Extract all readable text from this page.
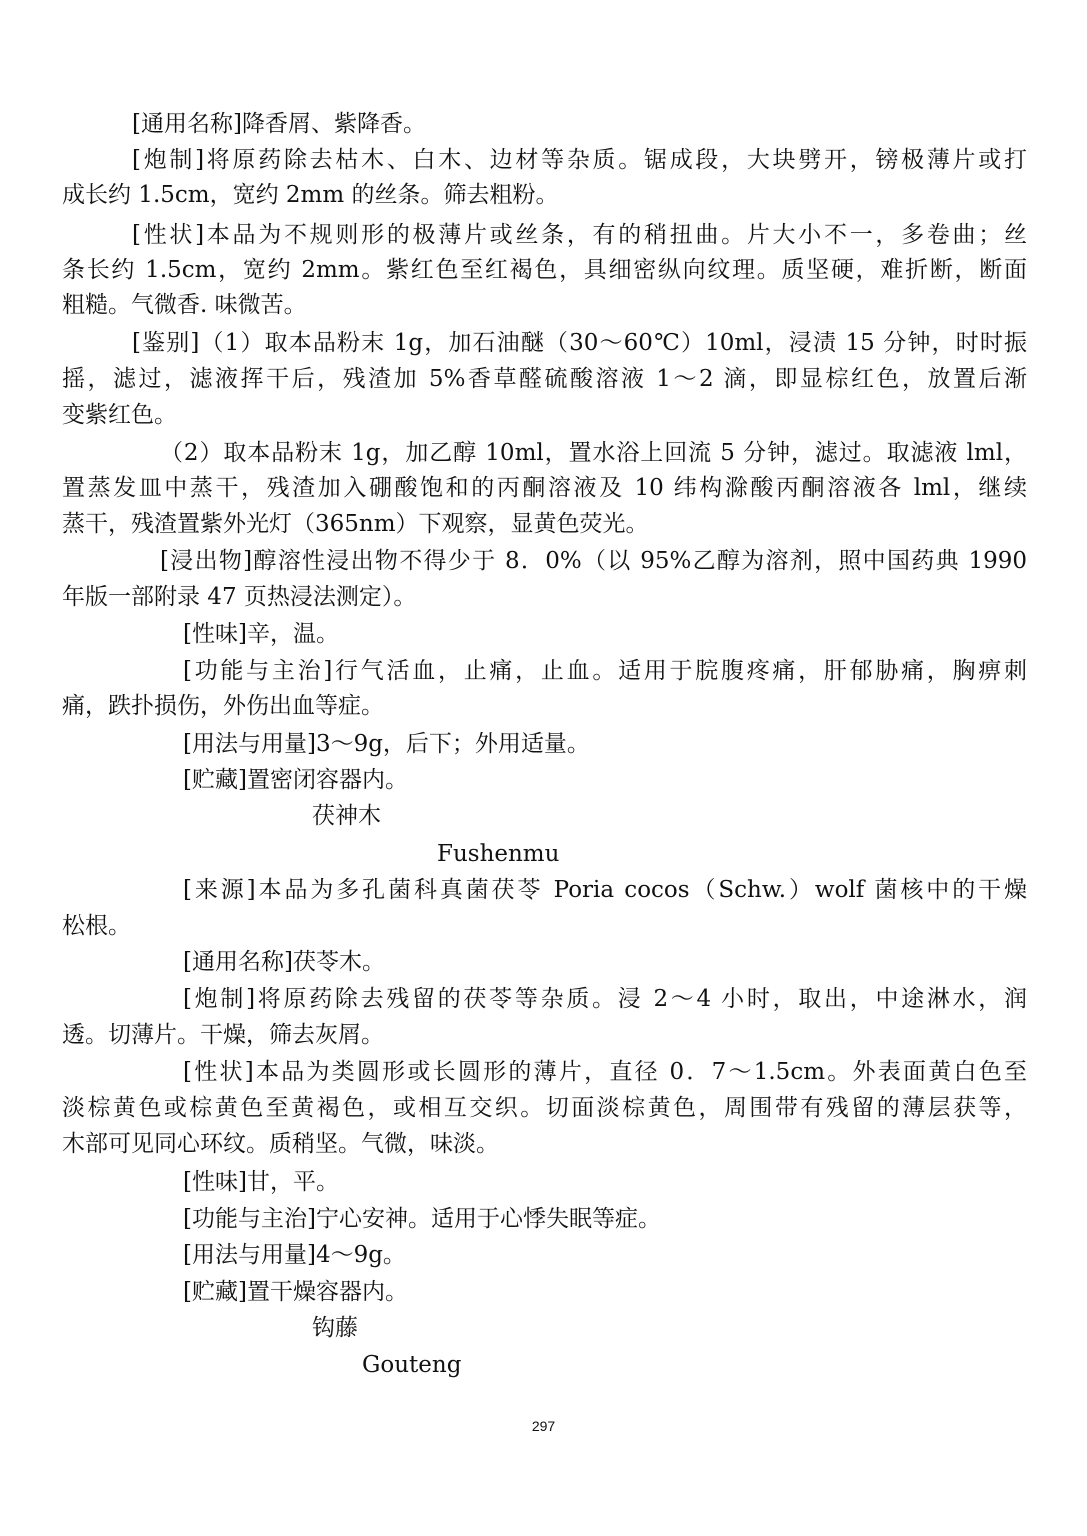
[通用名称]降香屑、紫降香。
[炮制]将原药除去枯木、白木、边材等杂质。锯成段，大块劈开，镑极薄片或打
成长约 1.5cm，宽约 2mm 的丝条。筛去粗粉。
[性状]本品为不规则形的极薄片或丝条，有的稍扭曲。片大小不一，多卷曲；丝
条长约 1.5cm，宽约 2mm。紫红色至红褐色，具细密纵向纹理。质坚硬，难折断，断面
粗糙。气微香. 味微苦。
[鉴别]（1）取本品粉末 1g，加石油醚（30～60℃）10ml，浸渍 15 分钟，时时振
摇，滤过，滤液挥干后，残渣加 5%香草醛硫酸溶液 1～2 滴，即显棕红色，放置后渐
变紫红色。
（2）取本品粉末 1g，加乙醇 10ml，置水浴上回流 5 分钟，滤过。取滤液 lml，
置蒸发皿中蒸干，残渣加入硼酸饱和的丙酮溶液及 10 纬构滁酸丙酮溶液各 lml，继续
蒸干，残渣置紫外光灯（365nm）下观察，显黄色荧光。
[浸出物]醇溶性浸出物不得少于 8．0%（以 95%乙醇为溶剂，照中国药典 1990
年版一部附录 47 页热浸法测定）。
[性味]辛，温。
[功能与主治]行气活血，止痛，止血。适用于脘腹疼痛，肝郁胁痛，胸痹刺
痛，跌扑损伤，外伤出血等症。
[用法与用量]3～9g，后下；外用适量。
[贮藏]置密闭容器内。
茯神木
Fushenmu
[来源]本品为多孔菌科真菌茯苓 Poria cocos（Schw.）wolf 菌核中的干燥
松根。
[通用名称]茯苓木。
[炮制]将原药除去残留的茯苓等杂质。浸 2～4 小时，取出，中途淋水，润
透。切薄片。干燥，筛去灰屑。
[性状]本品为类圆形或长圆形的薄片，直径 0．7～1.5cm。外表面黄白色至
淡棕黄色或棕黄色至黄褐色，或相互交织。切面淡棕黄色，周围带有残留的薄层获等，
木部可见同心环纹。质稍坚。气微，味淡。
[性味]甘，平。
[功能与主治]宁心安神。适用于心悸失眠等症。
[用法与用量]4～9g。
[贮藏]置干燥容器内。
钩藤
Gouteng
297
